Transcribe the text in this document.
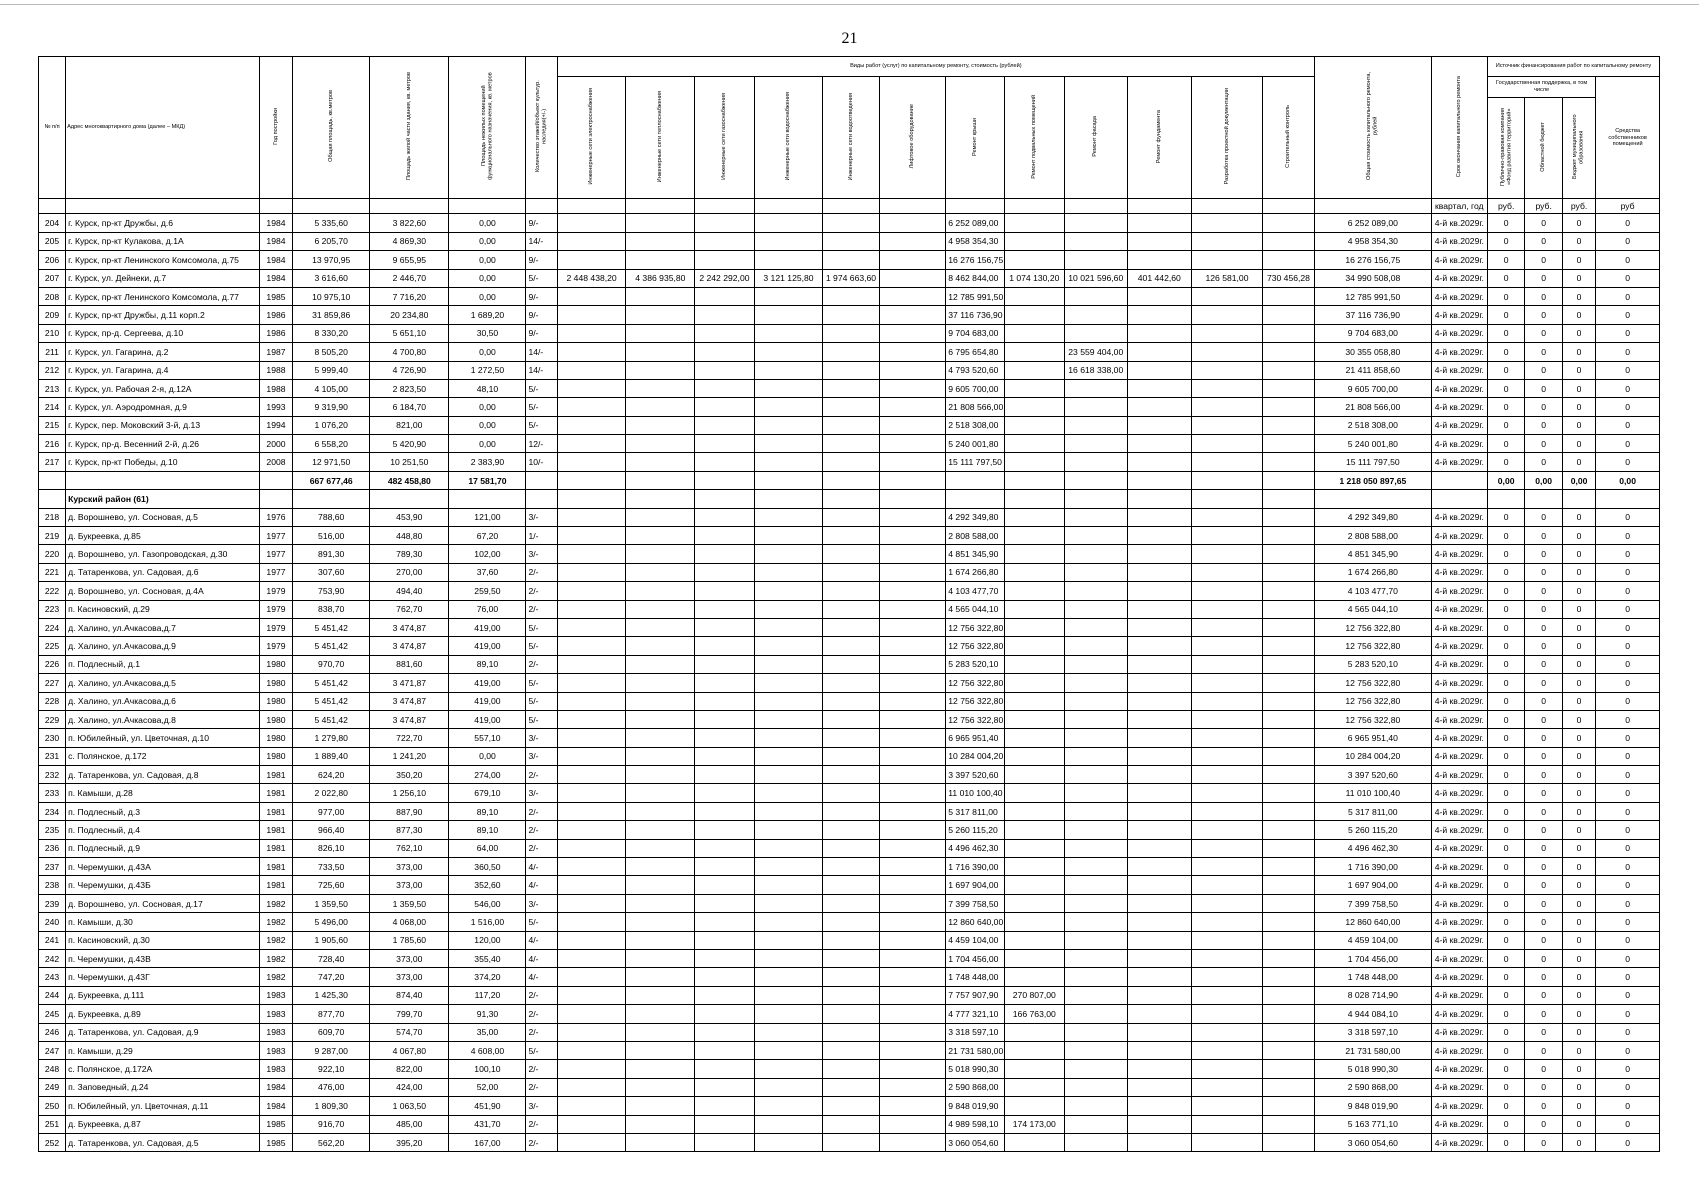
21
№ п/п	Адрес многоквартирного дома (далее – МКД)	Год постройки	Общая площадь, кв.метров	Площадь жилой части здания, кв. метров	Площадь нежилых помещений функционального назначения, кв. метров	Количество этажей/объект культур. наследия(+/-)	Виды работ (услуг) по капитальному ремонту, стоимость (рублей)												Общая стоимость капитального ремонта, рублей	Срок окончания капитального ремонта	Источник финансирования работ по капитальному ремонту			
							Инженерные сети электроснабжения	Инженерные сети теплоснабжения	Инженерные сети газоснабжения	Инженерные сети водоснабжения	Инженерные сети водоотведения	Лифтовое оборудование	Ремонт крыши	Ремонт подвальных помещений	Ремонт фасада	Ремонт фундамента	Разработка проектной документации	Строительный контроль			Государственная поддержка, в том числе			Средства собственников помещений
																					Публично-правовая компания «Фонд развития территорий»	Областной бюджет	Бюджет муниципального образования	
																				квартал, год	руб.	руб.	руб.	руб
204	г. Курск, пр-кт Дружбы, д.6	1984	5 335,60	3 822,60	0,00	9/-							6 252 089,00						6 252 089,00	4-й кв.2029г.	0	0	0	0
205	г. Курск, пр-кт Кулакова, д.1А	1984	6 205,70	4 869,30	0,00	14/-							4 958 354,30						4 958 354,30	4-й кв.2029г.	0	0	0	0
206	г. Курск, пр-кт Ленинского Комсомола, д.75	1984	13 970,95	9 655,95	0,00	9/-							16 276 156,75						16 276 156,75	4-й кв.2029г.	0	0	0	0
207	г. Курск, ул. Дейнеки, д.7	1984	3 616,60	2 446,70	0,00	5/-	2 448 438,20	4 386 935,80	2 242 292,00	3 121 125,80	1 974 663,60		8 462 844,00	1 074 130,20	10 021 596,60	401 442,60	126 581,00	730 456,28	34 990 508,08	4-й кв.2029г.	0	0	0	0
208	г. Курск, пр-кт Ленинского Комсомола, д.77	1985	10 975,10	7 716,20	0,00	9/-							12 785 991,50						12 785 991,50	4-й кв.2029г.	0	0	0	0
209	г. Курск, пр-кт Дружбы, д.11 корп.2	1986	31 859,86	20 234,80	1 689,20	9/-							37 116 736,90						37 116 736,90	4-й кв.2029г.	0	0	0	0
210	г. Курск, пр-д. Сергеева, д.10	1986	8 330,20	5 651,10	30,50	9/-							9 704 683,00						9 704 683,00	4-й кв.2029г.	0	0	0	0
211	г. Курск, ул. Гагарина, д.2	1987	8 505,20	4 700,80	0,00	14/-							6 795 654,80		23 559 404,00				30 355 058,80	4-й кв.2029г.	0	0	0	0
212	г. Курск, ул. Гагарина, д.4	1988	5 999,40	4 726,90	1 272,50	14/-							4 793 520,60		16 618 338,00				21 411 858,60	4-й кв.2029г.	0	0	0	0
213	г. Курск, ул. Рабочая 2-я, д.12А	1988	4 105,00	2 823,50	48,10	5/-							9 605 700,00						9 605 700,00	4-й кв.2029г.	0	0	0	0
214	г. Курск, ул. Аэродромная, д.9	1993	9 319,90	6 184,70	0,00	5/-							21 808 566,00						21 808 566,00	4-й кв.2029г.	0	0	0	0
215	г. Курск, пер. Моковский 3-й, д.13	1994	1 076,20	821,00	0,00	5/-							2 518 308,00						2 518 308,00	4-й кв.2029г.	0	0	0	0
216	г. Курск, пр-д. Весенний 2-й, д.26	2000	6 558,20	5 420,90	0,00	12/-							5 240 001,80						5 240 001,80	4-й кв.2029г.	0	0	0	0
217	г. Курск, пр-кт Победы, д.10	2008	12 971,50	10 251,50	2 383,90	10/-							15 111 797,50						15 111 797,50	4-й кв.2029г.	0	0	0	0
			667 677,46	482 458,80	17 581,70														1 218 050 897,65		0,00	0,00	0,00	0,00
	Курский район (61)																							
218	д. Ворошнево, ул. Сосновая, д.5	1976	788,60	453,90	121,00	3/-							4 292 349,80						4 292 349,80	4-й кв.2029г.	0	0	0	0
219	д. Букреевка, д.85	1977	516,00	448,80	67,20	1/-							2 808 588,00						2 808 588,00	4-й кв.2029г.	0	0	0	0
220	д. Ворошнево, ул. Газопроводская, д.30	1977	891,30	789,30	102,00	3/-							4 851 345,90						4 851 345,90	4-й кв.2029г.	0	0	0	0
221	д. Татаренкова, ул. Садовая, д.6	1977	307,60	270,00	37,60	2/-							1 674 266,80						1 674 266,80	4-й кв.2029г.	0	0	0	0
222	д. Ворошнево, ул. Сосновая, д.4А	1979	753,90	494,40	259,50	2/-							4 103 477,70						4 103 477,70	4-й кв.2029г.	0	0	0	0
223	п. Касиновский, д.29	1979	838,70	762,70	76,00	2/-							4 565 044,10						4 565 044,10	4-й кв.2029г.	0	0	0	0
224	д. Халино, ул.Ачкасова,д.7	1979	5 451,42	3 474,87	419,00	5/-							12 756 322,80						12 756 322,80	4-й кв.2029г.	0	0	0	0
225	д. Халино, ул.Ачкасова,д.9	1979	5 451,42	3 474,87	419,00	5/-							12 756 322,80						12 756 322,80	4-й кв.2029г.	0	0	0	0
226	п. Подлесный, д.1	1980	970,70	881,60	89,10	2/-							5 283 520,10						5 283 520,10	4-й кв.2029г.	0	0	0	0
227	д. Халино, ул.Ачкасова,д.5	1980	5 451,42	3 471,87	419,00	5/-							12 756 322,80						12 756 322,80	4-й кв.2029г.	0	0	0	0
228	д. Халино, ул.Ачкасова,д.6	1980	5 451,42	3 474,87	419,00	5/-							12 756 322,80						12 756 322,80	4-й кв.2029г.	0	0	0	0
229	д. Халино, ул.Ачкасова,д.8	1980	5 451,42	3 474,87	419,00	5/-							12 756 322,80						12 756 322,80	4-й кв.2029г.	0	0	0	0
230	п. Юбилейный, ул. Цветочная, д.10	1980	1 279,80	722,70	557,10	3/-							6 965 951,40						6 965 951,40	4-й кв.2029г.	0	0	0	0
231	с. Полянское, д.172	1980	1 889,40	1 241,20	0,00	3/-							10 284 004,20						10 284 004,20	4-й кв.2029г.	0	0	0	0
232	д. Татаренкова, ул. Садовая, д.8	1981	624,20	350,20	274,00	2/-							3 397 520,60						3 397 520,60	4-й кв.2029г.	0	0	0	0
233	п. Камыши, д.28	1981	2 022,80	1 256,10	679,10	3/-							11 010 100,40						11 010 100,40	4-й кв.2029г.	0	0	0	0
234	п. Подлесный, д.3	1981	977,00	887,90	89,10	2/-							5 317 811,00						5 317 811,00	4-й кв.2029г.	0	0	0	0
235	п. Подлесный, д.4	1981	966,40	877,30	89,10	2/-							5 260 115,20						5 260 115,20	4-й кв.2029г.	0	0	0	0
236	п. Подлесный, д.9	1981	826,10	762,10	64,00	2/-							4 496 462,30						4 496 462,30	4-й кв.2029г.	0	0	0	0
237	п. Черемушки, д.43А	1981	733,50	373,00	360,50	4/-							1 716 390,00						1 716 390,00	4-й кв.2029г.	0	0	0	0
238	п. Черемушки, д.43Б	1981	725,60	373,00	352,60	4/-							1 697 904,00						1 697 904,00	4-й кв.2029г.	0	0	0	0
239	д. Ворошнево, ул. Сосновая, д.17	1982	1 359,50	1 359,50	546,00	3/-							7 399 758,50						7 399 758,50	4-й кв.2029г.	0	0	0	0
240	п. Камыши, д.30	1982	5 496,00	4 068,00	1 516,00	5/-							12 860 640,00						12 860 640,00	4-й кв.2029г.	0	0	0	0
241	п. Касиновский, д.30	1982	1 905,60	1 785,60	120,00	4/-							4 459 104,00						4 459 104,00	4-й кв.2029г.	0	0	0	0
242	п. Черемушки, д.43В	1982	728,40	373,00	355,40	4/-							1 704 456,00						1 704 456,00	4-й кв.2029г.	0	0	0	0
243	п. Черемушки, д.43Г	1982	747,20	373,00	374,20	4/-							1 748 448,00						1 748 448,00	4-й кв.2029г.	0	0	0	0
244	д. Букреевка, д.111	1983	1 425,30	874,40	117,20	2/-							7 757 907,90	270 807,00					8 028 714,90	4-й кв.2029г.	0	0	0	0
245	д. Букреевка, д.89	1983	877,70	799,70	91,30	2/-							4 777 321,10	166 763,00					4 944 084,10	4-й кв.2029г.	0	0	0	0
246	д. Татаренкова, ул. Садовая, д.9	1983	609,70	574,70	35,00	2/-							3 318 597,10						3 318 597,10	4-й кв.2029г.	0	0	0	0
247	п. Камыши, д.29	1983	9 287,00	4 067,80	4 608,00	5/-							21 731 580,00						21 731 580,00	4-й кв.2029г.	0	0	0	0
248	с. Полянское, д.172А	1983	922,10	822,00	100,10	2/-							5 018 990,30						5 018 990,30	4-й кв.2029г.	0	0	0	0
249	п. Заповедный, д.24	1984	476,00	424,00	52,00	2/-							2 590 868,00						2 590 868,00	4-й кв.2029г.	0	0	0	0
250	п. Юбилейный, ул. Цветочная, д.11	1984	1 809,30	1 063,50	451,90	3/-							9 848 019,90						9 848 019,90	4-й кв.2029г.	0	0	0	0
251	д. Букреевка, д.87	1985	916,70	485,00	431,70	2/-							4 989 598,10	174 173,00					5 163 771,10	4-й кв.2029г.	0	0	0	0
252	д. Татаренкова, ул. Садовая, д.5	1985	562,20	395,20	167,00	2/-							3 060 054,60						3 060 054,60	4-й кв.2029г.	0	0	0	0
